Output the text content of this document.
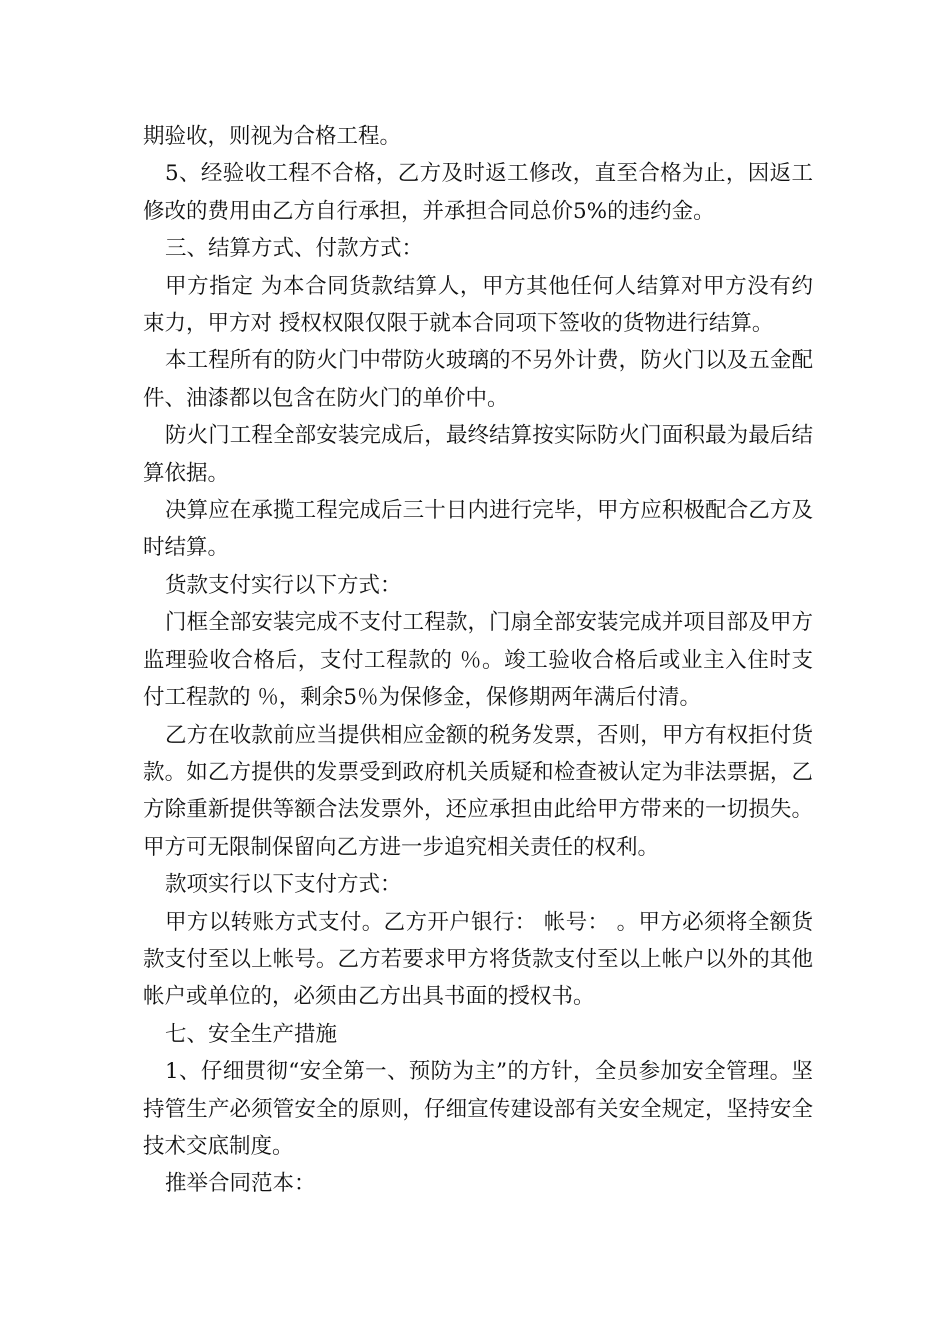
期验收，则视为合格工程。

5、经验收工程不合格，乙方及时返工修改，直至合格为止，因返工修改的费用由乙方自行承担，并承担合同总价5%的违约金。

三、结算方式、付款方式：

甲方指定 为本合同货款结算人，甲方其他任何人结算对甲方没有约束力，甲方对 授权权限仅限于就本合同项下签收的货物进行结算。

本工程所有的防火门中带防火玻璃的不另外计费，防火门以及五金配件、油漆都以包含在防火门的单价中。

防火门工程全部安装完成后，最终结算按实际防火门面积最为最后结算依据。

决算应在承揽工程完成后三十日内进行完毕，甲方应积极配合乙方及时结算。

货款支付实行以下方式：

门框全部安装完成不支付工程款，门扇全部安装完成并项目部及甲方监理验收合格后，支付工程款的 ％。竣工验收合格后或业主入住时支付工程款的 ％，剩余5％为保修金，保修期两年满后付清。

乙方在收款前应当提供相应金额的税务发票，否则，甲方有权拒付货款。如乙方提供的发票受到政府机关质疑和检查被认定为非法票据，乙方除重新提供等额合法发票外，还应承担由此给甲方带来的一切损失。甲方可无限制保留向乙方进一步追究相关责任的权利。

款项实行以下支付方式：

甲方以转账方式支付。乙方开户银行： 帐号： 。甲方必须将全额货款支付至以上帐号。乙方若要求甲方将货款支付至以上帐户以外的其他帐户或单位的，必须由乙方出具书面的授权书。

七、安全生产措施

1、仔细贯彻“安全第一、预防为主”的方针，全员参加安全管理。坚持管生产必须管安全的原则，仔细宣传建设部有关安全规定，坚持安全技术交底制度。

推举合同范本：
